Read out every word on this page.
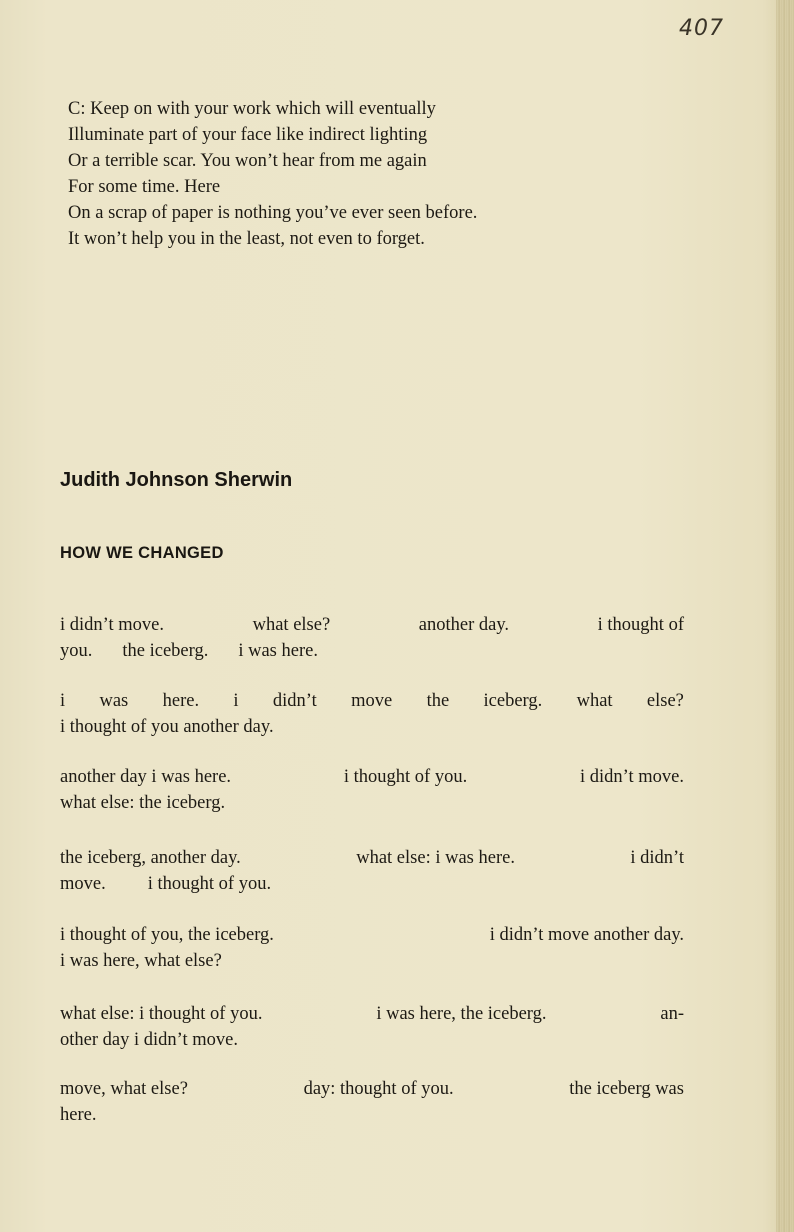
407
C: Keep on with your work which will eventually
Illuminate part of your face like indirect lighting
Or a terrible scar. You won’t hear from me again
For some time. Here
On a scrap of paper is nothing you’ve ever seen before.
It won’t help you in the least, not even to forget.
Judith Johnson Sherwin
HOW WE CHANGED
i didn’t move.	what else?	another day.	i thought of
you. the iceberg. i was here.
i was here. i didn’t move the iceberg. what else?
i thought of you another day.
another day i was here.	i thought of you.	i didn’t move.
what else: the iceberg.
the iceberg, another day.	what else: i was here.	i didn’t
move. i thought of you.
i thought of you, the iceberg.	i didn’t move another day.
i was here, what else?
what else: i thought of you.	i was here, the iceberg.	an-
other day i didn’t move.
move, what else?	day: thought of you.	the iceberg was
here.
